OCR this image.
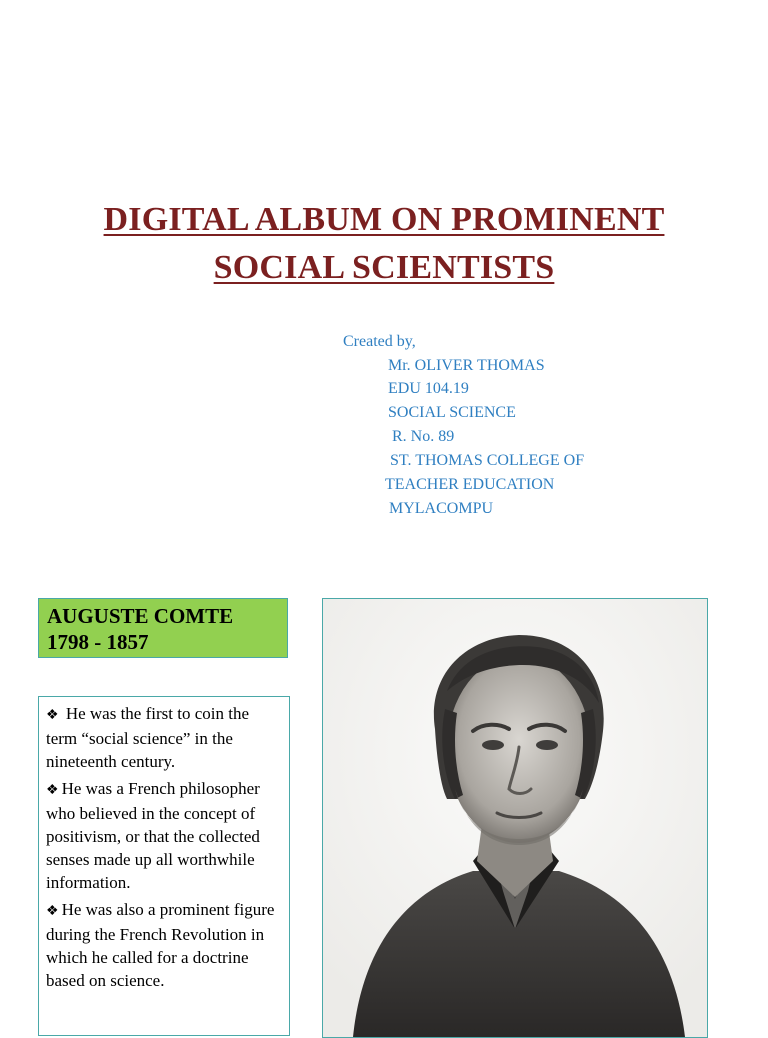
DIGITAL ALBUM ON PROMINENT
SOCIAL SCIENTISTS
Created by,
Mr. OLIVER THOMAS
EDU 104.19
SOCIAL SCIENCE
R. No. 89
ST. THOMAS COLLEGE OF
TEACHER EDUCATION
MYLACOMPU
AUGUSTE COMTE
1798 - 1857

❖ He was the first to coin the term “social science” in the nineteenth century.

❖ He was a French philosopher who believed in the concept of positivism, or that the collected senses made up all worthwhile information.

❖ He was also a prominent figure during the French Revolution in which he called for a doctrine based on science.
